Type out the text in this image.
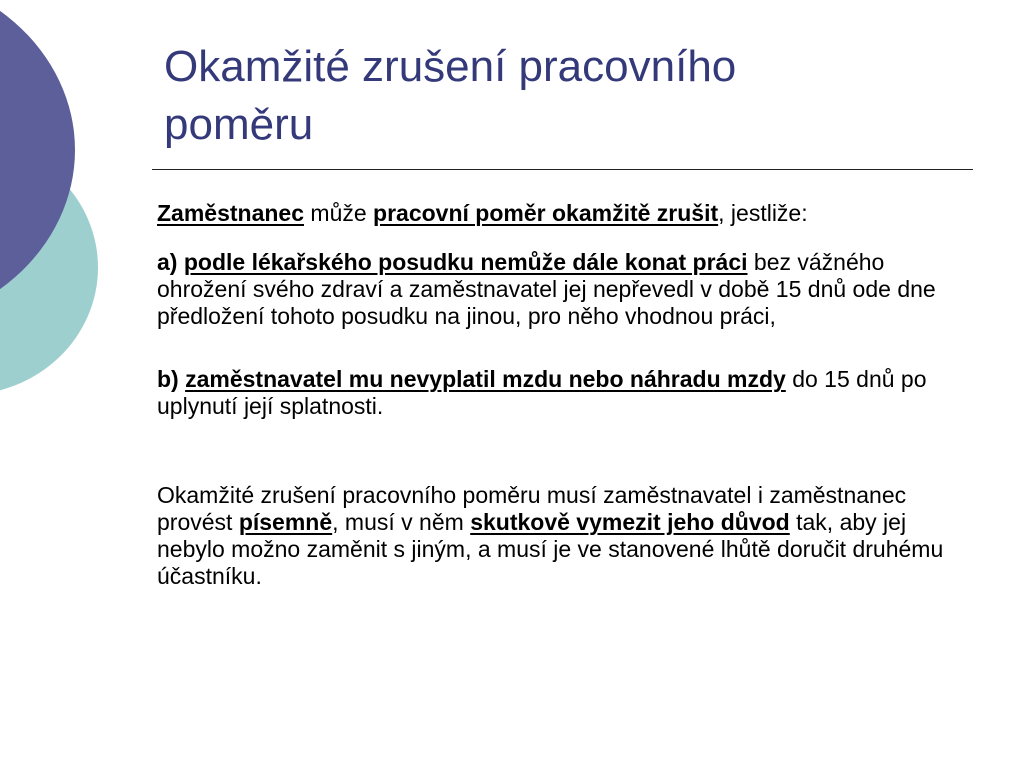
Okamžité zrušení pracovního
poměru

Zaměstnanec může pracovní poměr okamžitě zrušit, jestliže:

a) podle lékařského posudku nemůže dále konat práci bez vážného ohrožení svého zdraví a zaměstnavatel jej nepřevedl v době 15 dnů ode dne předložení tohoto posudku na jinou, pro něho vhodnou práci,

b) zaměstnavatel mu nevyplatil mzdu nebo náhradu mzdy do 15 dnů po uplynutí její splatnosti.

Okamžité zrušení pracovního poměru musí zaměstnavatel i zaměstnanec provést písemně, musí v něm skutkově vymezit jeho důvod tak, aby jej nebylo možno zaměnit s jiným, a musí je ve stanovené lhůtě doručit druhému účastníku.
